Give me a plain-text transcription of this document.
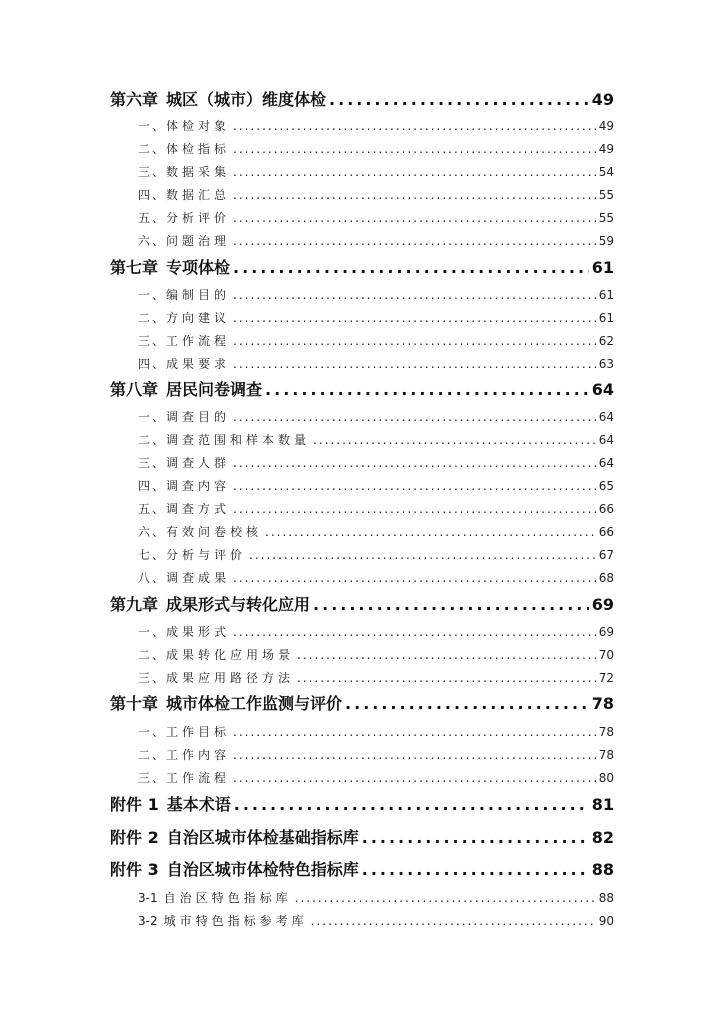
第六章 城区（城市）维度体检 .....	49
一、 体检对象 .....	49
二、 体检指标 .....	49
三、 数据采集 .....	54
四、 数据汇总 .....	55
五、 分析评价 .....	55
六、 问题治理 .....	59
第七章 专项体检 .....	61
一、 编制目的 .....	61
二、 方向建议 .....	61
三、 工作流程 .....	62
四、 成果要求 .....	63
第八章 居民问卷调查 .....	64
一、 调查目的 .....	64
二、 调查范围和样本数量 .....	64
三、 调查人群 .....	64
四、 调查内容 .....	65
五、 调查方式 .....	66
六、 有效问卷校核 .....	66
七、 分析与评价 .....	67
八、 调查成果 .....	68
第九章 成果形式与转化应用 .....	69
一、 成果形式 .....	69
二、 成果转化应用场景 .....	70
三、 成果应用路径方法 .....	72
第十章 城市体检工作监测与评价 .....	78
一、 工作目标 .....	78
二、 工作内容 .....	78
三、 工作流程 .....	80
附件 1 基本术语 .....	81
附件 2 自治区城市体检基础指标库 .....	82
附件 3 自治区城市体检特色指标库 .....	88
3-1 自治区特色指标库 .....	88
3-2 城市特色指标参考库 .....	90
